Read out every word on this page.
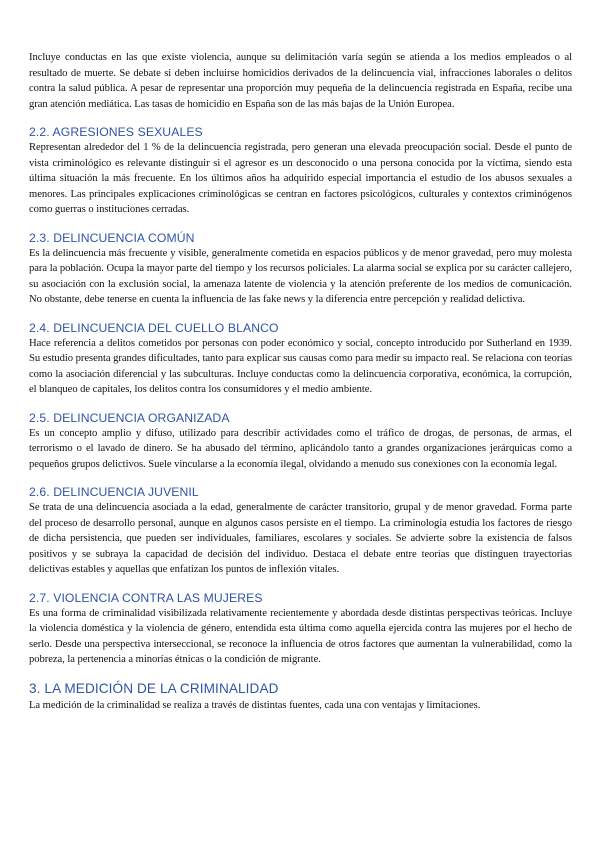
Incluye conductas en las que existe violencia, aunque su delimitación varía según se atienda a los medios empleados o al resultado de muerte. Se debate si deben incluirse homicidios derivados de la delincuencia vial, infracciones laborales o delitos contra la salud pública. A pesar de representar una proporción muy pequeña de la delincuencia registrada en España, recibe una gran atención mediática. Las tasas de homicidio en España son de las más bajas de la Unión Europea.

2.2. AGRESIONES SEXUALES

Representan alrededor del 1 % de la delincuencia registrada, pero generan una elevada preocupación social. Desde el punto de vista criminológico es relevante distinguir si el agresor es un desconocido o una persona conocida por la víctima, siendo esta última situación la más frecuente. En los últimos años ha adquirido especial importancia el estudio de los abusos sexuales a menores. Las principales explicaciones criminológicas se centran en factores psicológicos, culturales y contextos criminógenos como guerras o instituciones cerradas.

2.3. DELINCUENCIA COMÚN

Es la delincuencia más frecuente y visible, generalmente cometida en espacios públicos y de menor gravedad, pero muy molesta para la población. Ocupa la mayor parte del tiempo y los recursos policiales. La alarma social se explica por su carácter callejero, su asociación con la exclusión social, la amenaza latente de violencia y la atención preferente de los medios de comunicación. No obstante, debe tenerse en cuenta la influencia de las fake news y la diferencia entre percepción y realidad delictiva.

2.4. DELINCUENCIA DEL CUELLO BLANCO

Hace referencia a delitos cometidos por personas con poder económico y social, concepto introducido por Sutherland en 1939. Su estudio presenta grandes dificultades, tanto para explicar sus causas como para medir su impacto real. Se relaciona con teorías como la asociación diferencial y las subculturas. Incluye conductas como la delincuencia corporativa, económica, la corrupción, el blanqueo de capitales, los delitos contra los consumidores y el medio ambiente.

2.5. DELINCUENCIA ORGANIZADA

Es un concepto amplio y difuso, utilizado para describir actividades como el tráfico de drogas, de personas, de armas, el terrorismo o el lavado de dinero. Se ha abusado del término, aplicándolo tanto a grandes organizaciones jerárquicas como a pequeños grupos delictivos. Suele vincularse a la economía ilegal, olvidando a menudo sus conexiones con la economía legal.

2.6. DELINCUENCIA JUVENIL

Se trata de una delincuencia asociada a la edad, generalmente de carácter transitorio, grupal y de menor gravedad. Forma parte del proceso de desarrollo personal, aunque en algunos casos persiste en el tiempo. La criminología estudia los factores de riesgo de dicha persistencia, que pueden ser individuales, familiares, escolares y sociales. Se advierte sobre la existencia de falsos positivos y se subraya la capacidad de decisión del individuo. Destaca el debate entre teorías que distinguen trayectorias delictivas estables y aquellas que enfatizan los puntos de inflexión vitales.

2.7. VIOLENCIA CONTRA LAS MUJERES

Es una forma de criminalidad visibilizada relativamente recientemente y abordada desde distintas perspectivas teóricas. Incluye la violencia doméstica y la violencia de género, entendida esta última como aquella ejercida contra las mujeres por el hecho de serlo. Desde una perspectiva interseccional, se reconoce la influencia de otros factores que aumentan la vulnerabilidad, como la pobreza, la pertenencia a minorías étnicas o la condición de migrante.

3. LA MEDICIÓN DE LA CRIMINALIDAD

La medición de la criminalidad se realiza a través de distintas fuentes, cada una con ventajas y limitaciones.
